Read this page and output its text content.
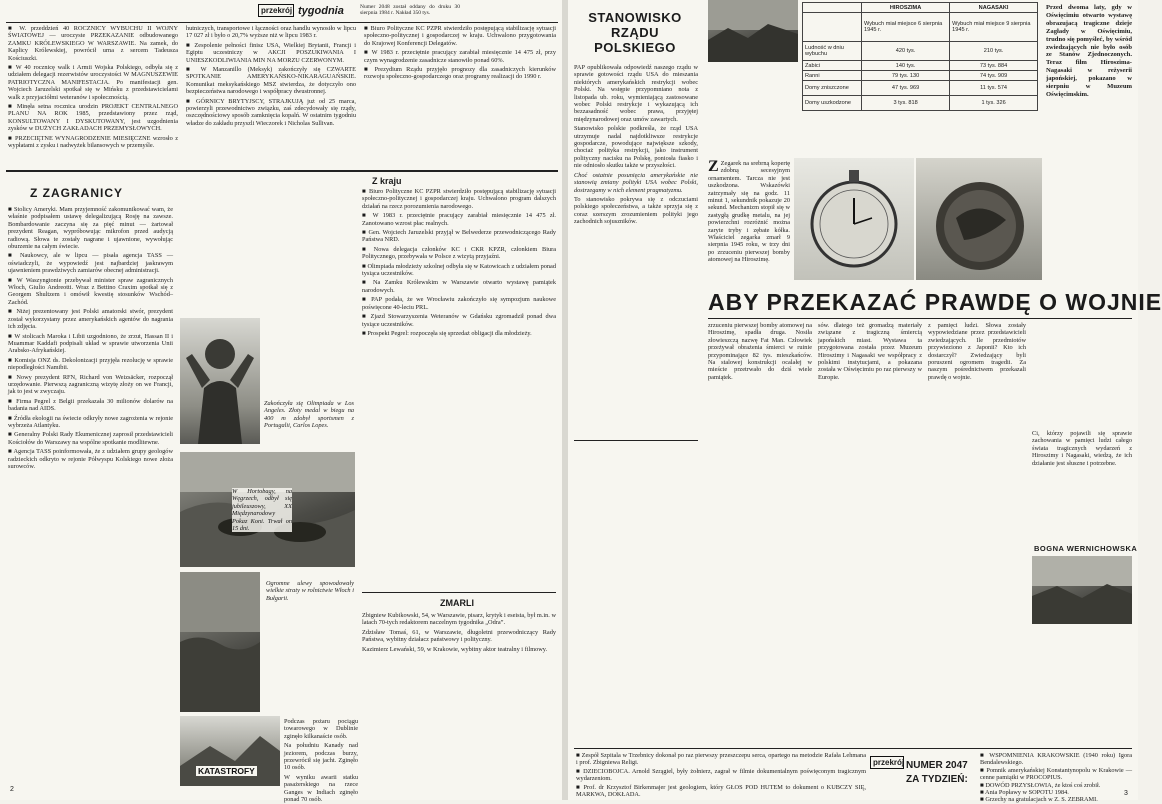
przekrój tygodnia	Numer 2048 został oddany do druku 30 sierpnia 1984 r. Nakład 350 tys.

■ W. przeddzień 40 ROCZNICY WYBUCHU II WOJNY ŚWIATOWEJ — uroczyste PRZEKAZANIE odbudowanego ZAMKU KRÓLEWSKIEGO W WARSZAWIE. Na zamek, do Kaplicy Królewskiej, powrócił urna z sercem Tadeusza Kościuszki.

■ W 40 rocznicę walk i Armii Wojska Polskiego, odbyła się z udziałem delegacji rezerwistów uroczystości W MAGNUSZEWIE PATRIOTYCZNA MANIFESTACJA. Po manifestacji gen. Wojciech Jaruzelski spotkał się w Mińsku z przedstawicielami walk z przyjaciółmi weteranów i społecznością.

■ Minęła setna rocznica urodzin PROJEKT CENTRALNEGO PLANU NA ROK 1985, przedstawiony przez rząd, KONSULTOWANY I DYSKUTOWANY, jest uzgodnienia zysków w DUŻYCH ZAKŁADACH PRZEMYSŁOWYCH.

■ PRZECIĘTNE WYNAGRODZENIE MIESIĘCZNE wzrosło z wypłatami z zysku i nadwyżek bilansowych w przemyśle.

hutniczych, transportowe i łączności oraz handlu wynosiło w lipcu 17 027 zł i było o 20,7% wyższe niż w lipcu 1983 r.

■ Zespolenie pełności finisz USA, Wielkiej Brytanii, Francji i Egiptu uczestniczy w AKCJI POSZUKIWANIA I UNIESZKODLIWIANIA MIN NA MORZU CZERWONYM.

■ W Manzanillo (Meksyk) zakończyły się CZWARTE SPOTKANIE AMERYKAŃSKO-NIKARAGUAŃSKIE. Komunikat meksykańskiego MSZ stwierdza, że dotyczyło ono bezpieczeństwa narodowego i współpracy dwustronnej.

■ GÓRNICY BRYTYJSCY, STRAJKUJĄ już od 25 marca, powierzyli przewodnictwo związku, zaś zdecydowały się rządy, oszczędnościowy sposób zamknięcia kopalń. W ostatnim tygodniu władze do zakładu przyszli Wieczorek i Nicholas Sullivan.

■ Biuro Polityczne KC PZPR stwierdziło postępującą stabilizację sytuacji społeczno-politycznej i gospodarczej w kraju. Uchwalono przygotowania do Krajowej Konferencji Delegatów.

■ W 1983 r. przeciętnie pracujący zarabiał miesięcznie 14 475 zł, przy czym wynagrodzenie zasadnicze stanowiło ponad 60%.

■ Prezydium Rządu przyjęło prognozy dla zasadniczych kierunków rozwoju społeczno-gospodarczego oraz programy realizacji do 1990 r.

Z ZAGRANICY

■ Stolicy Ameryki. Mam przyjemność zakomunikować wam, że właśnie podpisałem ustawę delegalizującą Rosję na zawsze. Bombardowanie zaczyna się za pięć minut — żartował prezydent Reagan, wypróbowując mikrofon przed audycją radiową. Słowa te zostały nagrane i ujawnione, wywołując oburzenie na całym świecie.

■ Naukowcy, ale w lipcu — pisała agencja TASS — oświadczyli, że wypowiedź jest najbardziej jaskrawym ujawnieniem prawdziwych zamiarów obecnej administracji.

■ W Waszyngtonie przebywał minister spraw zagranicznych Włoch, Giulio Andreotti. Wraz z Bettino Craxim spotkał się z Georgem Shultzem i omówił kwestię stosunków Wschód–Zachód.

■ Niżej prezentowany jest Polski amatorski stwór, prezydent został wykorzystany przez amerykańskich agentów do nagrania ich zdjęcia.

■ W stolicach Maroka i Libii uzgodniono, że zrzut, Hassan II i Muammar Kaddafi podpisali układ w sprawie utworzenia Unii Arabsko-Afrykańskiej.

■ Komisja ONZ ds. Dekolonizacji przyjęła rezolucję w sprawie niepodległości Namibii.

■ Nowy prezydent RFN, Richard von Weizsäcker, rozpoczął urzędowanie. Pierwszą zagraniczną wizytę złoży on we Francji, jak to jest w zwyczaju.

■ Firma Pegrel z Belgii przekazała 30 milionów dolarów na badania nad AIDS.

■ Źródła ekologii na świecie odkryły nowe zagrożenia w rejonie wybrzeża Atlantyku.

■ Generalny Polski Rady Ekumenicznej zaprosił przedstawicieli Kościołów do Warszawy na wspólne spotkanie modlitewne.

■ Agencja TASS poinformowała, że z udziałem grupy geologów radzieckich odkryto w rejonie Półwyspu Kolskiego nowe złoża surowców.

Zakończyła się Olimpiada w Los Angeles. Złoty medal w biegu na 400 m zdobył sportsmen z Portugalii, Carlos Lopes.
W Hortobagy, na Węgrzech, odbył się jubileuszowy, XX Międzynarodowy Pokaz Koni. Trwał on 15 dni.
Ogromne ulewy spowodowały wielkie straty w rolnictwie Włoch i Bułgarii.
Z kraju

■ Biuro Polityczne KC PZPR stwierdziło postępującą stabilizację sytuacji społeczno-politycznej i gospodarczej kraju. Uchwalono program dalszych działań na rzecz porozumienia narodowego.

■ W 1983 r. przeciętnie pracujący zarabiał miesięcznie 14 475 zł. Zanotowano wzrost płac realnych.

■ Gen. Wojciech Jaruzelski przyjął w Belwederze przewodniczącego Rady Państwa NRD.

■ Nowa delegacja członków KC i CKR KPZR, członkiem Biura Politycznego, przebywała w Polsce z wizytą przyjaźni.

■ Olimpiada młodzieży szkolnej odbyła się w Katowicach z udziałem ponad tysiąca uczestników.

■ Na Zamku Królewskim w Warszawie otwarto wystawę pamiątek narodowych.

■ PAP podała, że we Wrocławiu zakończyło się sympozjum naukowe poświęcone 40-leciu PRL.

■ Zjazd Stowarzyszenia Weteranów w Gdańsku zgromadził ponad dwa tysiące uczestników.

■ Prospekt Pegrel: rozpoczęła się sprzedaż obligacji dla młodzieży.

ZMARLI

Zbigniew Kubikowski, 54, w Warszawie, pisarz, krytyk i eseista, był m.in. w latach 70-tych redaktorem naczelnym tygodnika „Odra”.

Zdzisław Tomaś, 61, w Warszawie, długoletni przewodniczący Rady Państwa, wybitny działacz państwowy i polityczny.

Kazimierz Lewański, 59, w Krakowie, wybitny aktor teatralny i filmowy.

KATASTROFY

Podczas pożaru pociągu towarowego w Dublinie zginęło kilkanaście osób.

Na południu Kanady nad jeziorem, podczas burzy, przewrócił się jacht. Zginęło 10 osób.

W wyniku awarii statku pasażerskiego na rzece Ganges w Indiach zginęło ponad 70 osób.

2
STANOWISKO RZĄDU POLSKIEGO

PAP opublikowała odpowiedź naszego rządu w sprawie gotowości rządu USA do mieszania niektórych amerykańskich restrykcji wobec Polski. Na wstępie przypomniano nota z listopada ub. roku, wymieniającą zastosowane wobec Polski restrykcje i wykazującą ich bezzasadność wobec prawa, przyjętej międzynarodowej oraz umów zawartych.

Stanowisko polskie podkreśla, że rząd USA utrzymuje nadal najdotkliwsze restrykcje gospodarcze, powodujące największe szkody, chociaż polityka restrykcji, jako instrument polityczny nacisku na Polskę, poniosła fiasko i nie odniosło skutku także w przyszłości.

Choć ostatnie posunięcia amerykańskie nie stanowią zmiany polityki USA wobec Polski, dostrzegamy w nich element pragmatyzmu.

To stanowisko pokrywa się z odczuciami polskiego społeczeństwa, a także sprzyja się z coraz szerszym zrozumieniem polityki jego zachodnich sojuszników.

	HIROSZIMA	NAGASAKI
	Wybuch miał miejsce 6 sierpnia 1945 r.	Wybuch miał miejsce 9 sierpnia 1945 r.
Ludność w dniu wybuchu	420 tys.	210 tys.
Zabici	140 tys.	73 tys. 884
Ranni	79 tys. 130	74 tys. 909
Domy zniszczone	47 tys. 969	11 tys. 574
Domy uszkodzone	3 tys. 818	1 tys. 326
Przed dwoma laty, gdy w Oświęcimiu otwarto wystawę obrazujacą tragiczne dzieje Zagłady w Oświęcimiu, trudno się pomyśleć, by wśród zwiedzających nie było osób ze Stanów Zjednoczonych. Teraz film Hiroszima-Nagasaki w reżyserii japońskiej, pokazano w sierpniu w Muzeum Oświęcimskim.
Z Zegarek na srebrną kopertę zdobną secesyjnym ornamentem. Tarcza nie jest uszkodzona. Wskazówki zatrzymały się na godz. 11 minut 1, sekundnik pokazuje 20 sekund. Mechanizm stopił się w zastygłą grudkę metalu, na jej powierzchni rozróżnić można zaryte tryby i zębate kółka. Właściciel zegarka zmarł 9 sierpnia 1945 roku, w trzy dni po zrzuceniu pierwszej bomby atomowej na Hiroszimę.
ABY PRZEKAZAĆ PRAWDĘ O WOJNIE
zrzuceniu pierwszej bomby atomowej na Hiroszimę, spadła druga. Nosiła złowieszczą nazwę Fat Man. Człowiek przeżywał obrażenia śmierci w ruinie przypominające 82 tys. mieszkańców. Na stalowej konstrukcji ocalałej w mieście przetrwało do dziś wiele pamiątek.
sów. dlatego też gromadzą materiały związane z tragiczną śmiercią japońskich miast. Wystawa ta przygotowana została przez Muzeum Hiroszimy i Nagasaki we współpracy z polskimi instytucjami, a pokazana została w Oświęcimiu po raz pierwszy w Europie.
z pamięci ludzi. Słowa zostały wypowiedziane przez przedstawicieli zwiedzających. Ile przedmiotów przywieziono z Japonii? Kto ich dostarczył? Zwiedzający byli poruszeni ogromem tragedii. Za naszym pośrednictwem przekazali prawdę o wojnie.
Ci, którzy pojawili się sprawie zachowania w pamięci ludzi całego świata tragicznych wydarzeń z Hiroszimy i Nagasaki, wiedzą, że ich działanie jest słuszne i potrzebne.
BOGNA WERNICHOWSKA

■ Zespół Szpitala w Trzebnicy dokonał po raz pierwszy przeszczepu serca, opartego na metodzie Rafała Lehmana i prof. Zbigniewa Religi.

■ DZIECIOBOJCA. Arnold Szrągiel, były żołnierz, zagrał w filmie dokumentalnym poświęconym tragicznym wydarzeniom.

■ Prof. dr Krzysztof Birkenmajer jest geologiem, który GŁOS POD HUTEM to dokument o KUBCZY SIĘ, MARKWA, DOKŁADA.

przekrój NUMER 2047
ZA TYDZIEŃ:

■ WSPOMNIENIA KRAKOWSKIE (1940 roku) Igora Bendalewskiego.

■ Pomnik amerykańskiej Konstantynopolu w Krakowie — cenne pamiątki w PROCOPIUS.

■ DOWÓD PRZYSŁOWIA, że ktoś coś zrobił.

■ Ania Popławy w SOPOTU 1984.

■ Grzechy na gratulacjach w Z. S. ZEBRAMI.

3
